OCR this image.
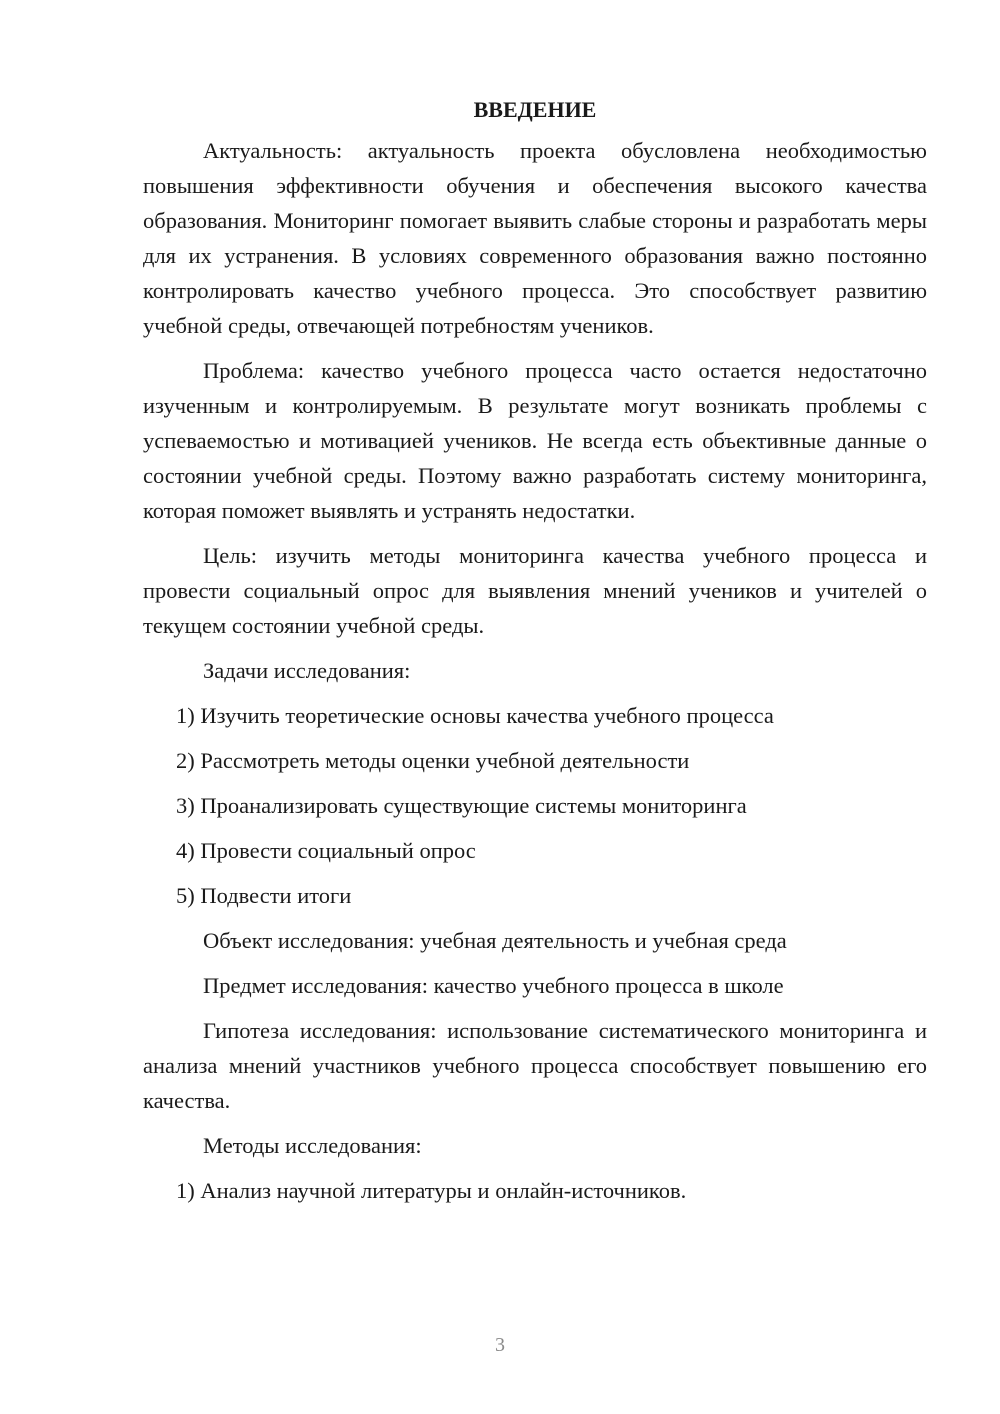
ВВЕДЕНИЕ

Актуальность: актуальность проекта обусловлена необходимостью повышения эффективности обучения и обеспечения высокого качества образования. Мониторинг помогает выявить слабые стороны и разработать меры для их устранения. В условиях современного образования важно постоянно контролировать качество учебного процесса. Это способствует развитию учебной среды, отвечающей потребностям учеников.

Проблема: качество учебного процесса часто остается недостаточно изученным и контролируемым. В результате могут возникать проблемы с успеваемостью и мотивацией учеников. Не всегда есть объективные данные о состоянии учебной среды. Поэтому важно разработать систему мониторинга, которая поможет выявлять и устранять недостатки.

Цель: изучить методы мониторинга качества учебного процесса и провести социальный опрос для выявления мнений учеников и учителей о текущем состоянии учебной среды.

Задачи исследования:
1) Изучить теоретические основы качества учебного процесса
2) Рассмотреть методы оценки учебной деятельности
3) Проанализировать существующие системы мониторинга
4) Провести социальный опрос
5) Подвести итоги
Объект исследования: учебная деятельность и учебная среда
Предмет исследования: качество учебного процесса в школе

Гипотеза исследования: использование систематического мониторинга и анализа мнений участников учебного процесса способствует повышению его качества.

Методы исследования:
1) Анализ научной литературы и онлайн-источников.
3
